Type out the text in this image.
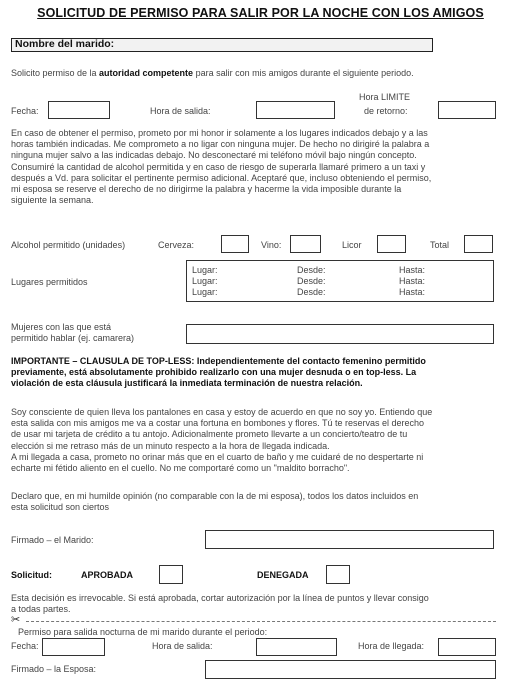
SOLICITUD DE PERMISO PARA SALIR POR LA NOCHE CON LOS AMIGOS
Nombre del marido:
Solicito permiso de la autoridad competente para salir con mis amigos durante el siguiente periodo.
Fecha:	Hora de salida:
Hora LIMITE
de retorno:
En caso de obtener el permiso, prometo por mi honor ir solamente a los lugares indicados debajo y a las
horas también indicadas. Me comprometo a no ligar con ninguna mujer. De hecho no dirigiré la palabra a
ninguna mujer salvo a las indicadas debajo. No desconectaré mi teléfono móvil bajo ningún concepto.
Consumiré la cantidad de alcohol permitida y en caso de riesgo de superarla llamaré primero a un taxi y
después a Vd. para solicitar el pertinente permiso adicional. Aceptaré que, incluso obteniendo el permiso,
mi esposa se reserve el derecho de no dirigirme la palabra y hacerme la vida imposible durante la
siguiente la semana.
Alcohol permitido (unidades)	Cerveza:	Vino:	Licor	Total
Lugares permitidos
Lugar:	Desde:	Hasta:
Lugar:	Desde:	Hasta:
Lugar:	Desde:	Hasta:
Mujeres con las que está
permitido hablar (ej. camarera)
IMPORTANTE – CLAUSULA DE TOP-LESS: Independientemente del contacto femenino permitido
previamente, está absolutamente prohibido realizarlo con una mujer desnuda o en top-less. La
violación de esta cláusula justificará la inmediata terminación de nuestra relación.
Soy consciente de quien lleva los pantalones en casa y estoy de acuerdo en que no soy yo. Entiendo que
esta salida con mis amigos me va a costar una fortuna en bombones y flores. Tú te reservas el derecho
de usar mi tarjeta de crédito a tu antojo. Adicionalmente prometo llevarte a un concierto/teatro de tu
elección si me retraso más de un minuto respecto a la hora de llegada indicada.
A mi llegada a casa, prometo no orinar más que en el cuarto de baño y me cuidaré de no despertarte ni
echarte mi fétido aliento en el cuello. No me comportaré como un "maldito borracho".
Declaro que, en mi humilde opinión (no comparable con la de mi esposa), todos los datos incluidos en
esta solicitud son ciertos
Firmado – el Marido:
Solicitud:	APROBADA	DENEGADA
Esta decisión es irrevocable. Si está aprobada, cortar autorización por la línea de puntos y llevar consigo
a todas partes.
✂
Permiso para salida nocturna de mi marido durante el periodo:
Fecha:	Hora de salida:	Hora de llegada:
Firmado – la Esposa:
